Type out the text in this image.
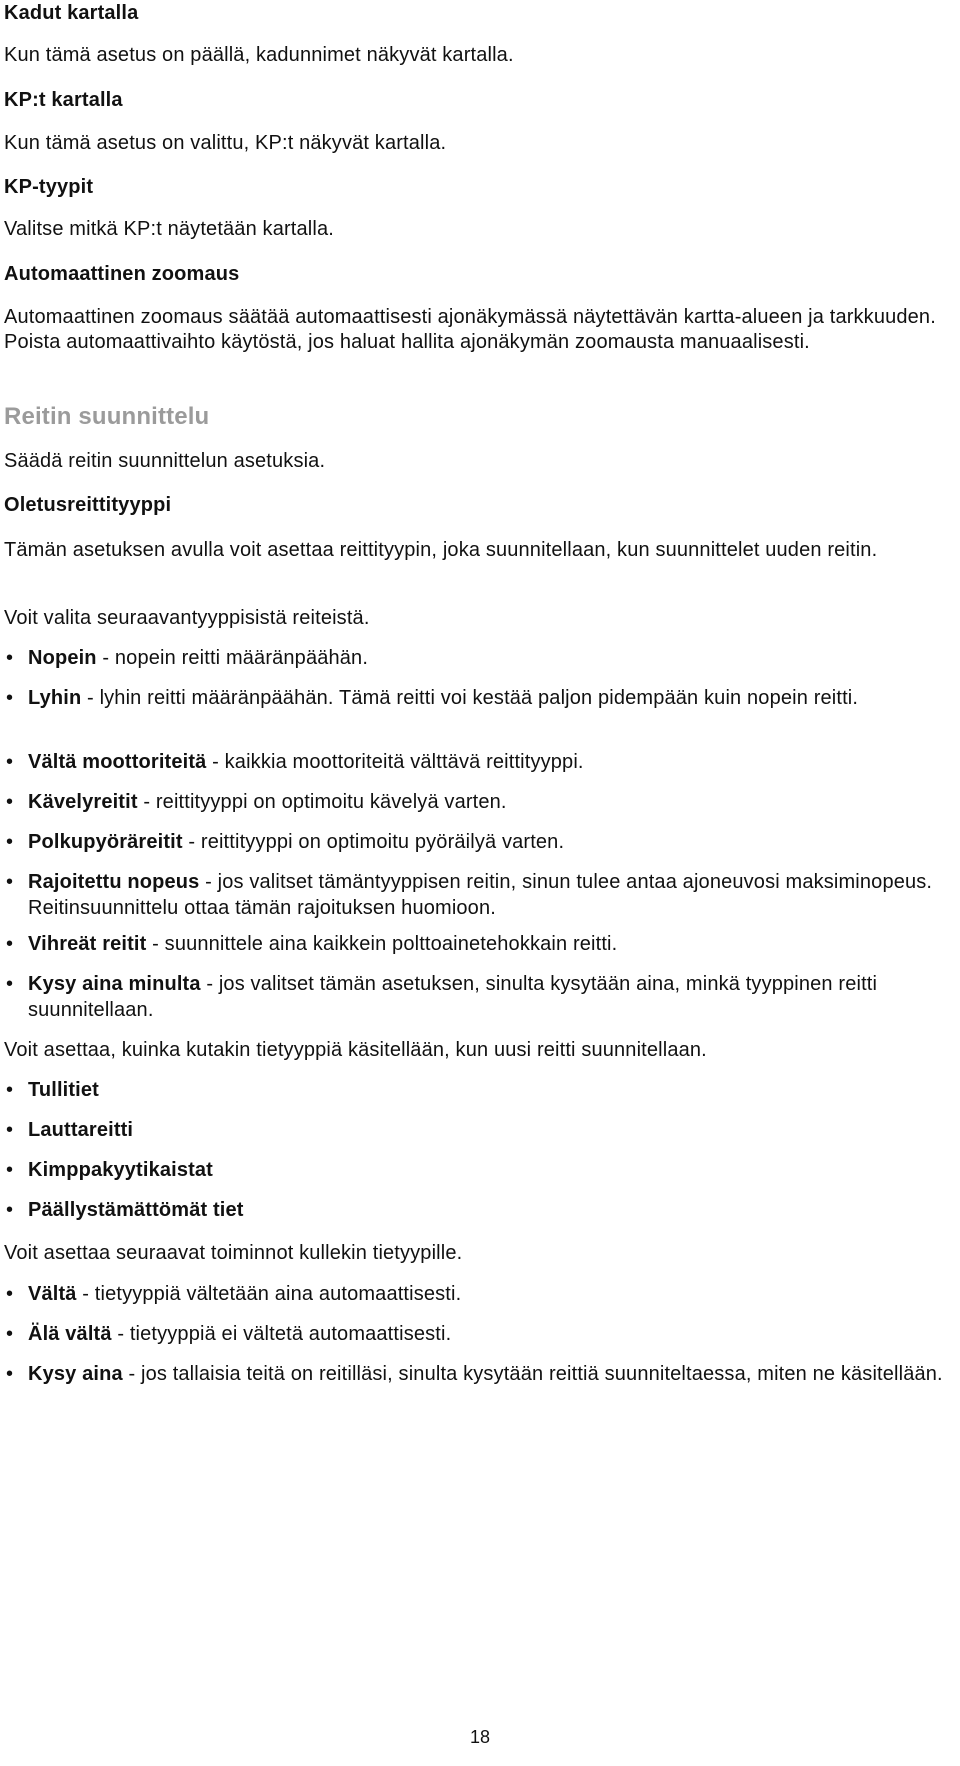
Kadut kartalla

Kun tämä asetus on päällä, kadunnimet näkyvät kartalla.

KP:t kartalla

Kun tämä asetus on valittu, KP:t näkyvät kartalla.

KP-tyypit

Valitse mitkä KP:t näytetään kartalla.

Automaattinen zoomaus

Automaattinen zoomaus säätää automaattisesti ajonäkymässä näytettävän kartta-alueen ja tarkkuuden. Poista automaattivaihto käytöstä, jos haluat hallita ajonäkymän zoomausta manuaalisesti.

Reitin suunnittelu

Säädä reitin suunnittelun asetuksia.

Oletusreittityyppi

Tämän asetuksen avulla voit asettaa reittityypin, joka suunnitellaan, kun suunnittelet uuden reitin.

Voit valita seuraavantyyppisistä reiteistä.

• Nopein - nopein reitti määränpäähän.
• Lyhin - lyhin reitti määränpäähän. Tämä reitti voi kestää paljon pidempään kuin nopein reitti.
• Vältä moottoriteitä - kaikkia moottoriteitä välttävä reittityyppi.
• Kävelyreitit - reittityyppi on optimoitu kävelyä varten.
• Polkupyöräreitit - reittityyppi on optimoitu pyöräilyä varten.
• Rajoitettu nopeus - jos valitset tämäntyyppisen reitin, sinun tulee antaa ajoneuvosi maksiminopeus. Reitinsuunnittelu ottaa tämän rajoituksen huomioon.
• Vihreät reitit - suunnittele aina kaikkein polttoainetehokkain reitti.
• Kysy aina minulta - jos valitset tämän asetuksen, sinulta kysytään aina, minkä tyyppinen reitti suunnitellaan.

Voit asettaa, kuinka kutakin tietyyppiä käsitellään, kun uusi reitti suunnitellaan.

• Tullitiet
• Lauttareitti
• Kimppakyytikaistat
• Päällystämättömät tiet

Voit asettaa seuraavat toiminnot kullekin tietyypille.

• Vältä - tietyyppiä vältetään aina automaattisesti.
• Älä vältä - tietyyppiä ei vältetä automaattisesti.
• Kysy aina - jos tallaisia teitä on reitilläsi, sinulta kysytään reittiä suunniteltaessa, miten ne käsitellään.
18
